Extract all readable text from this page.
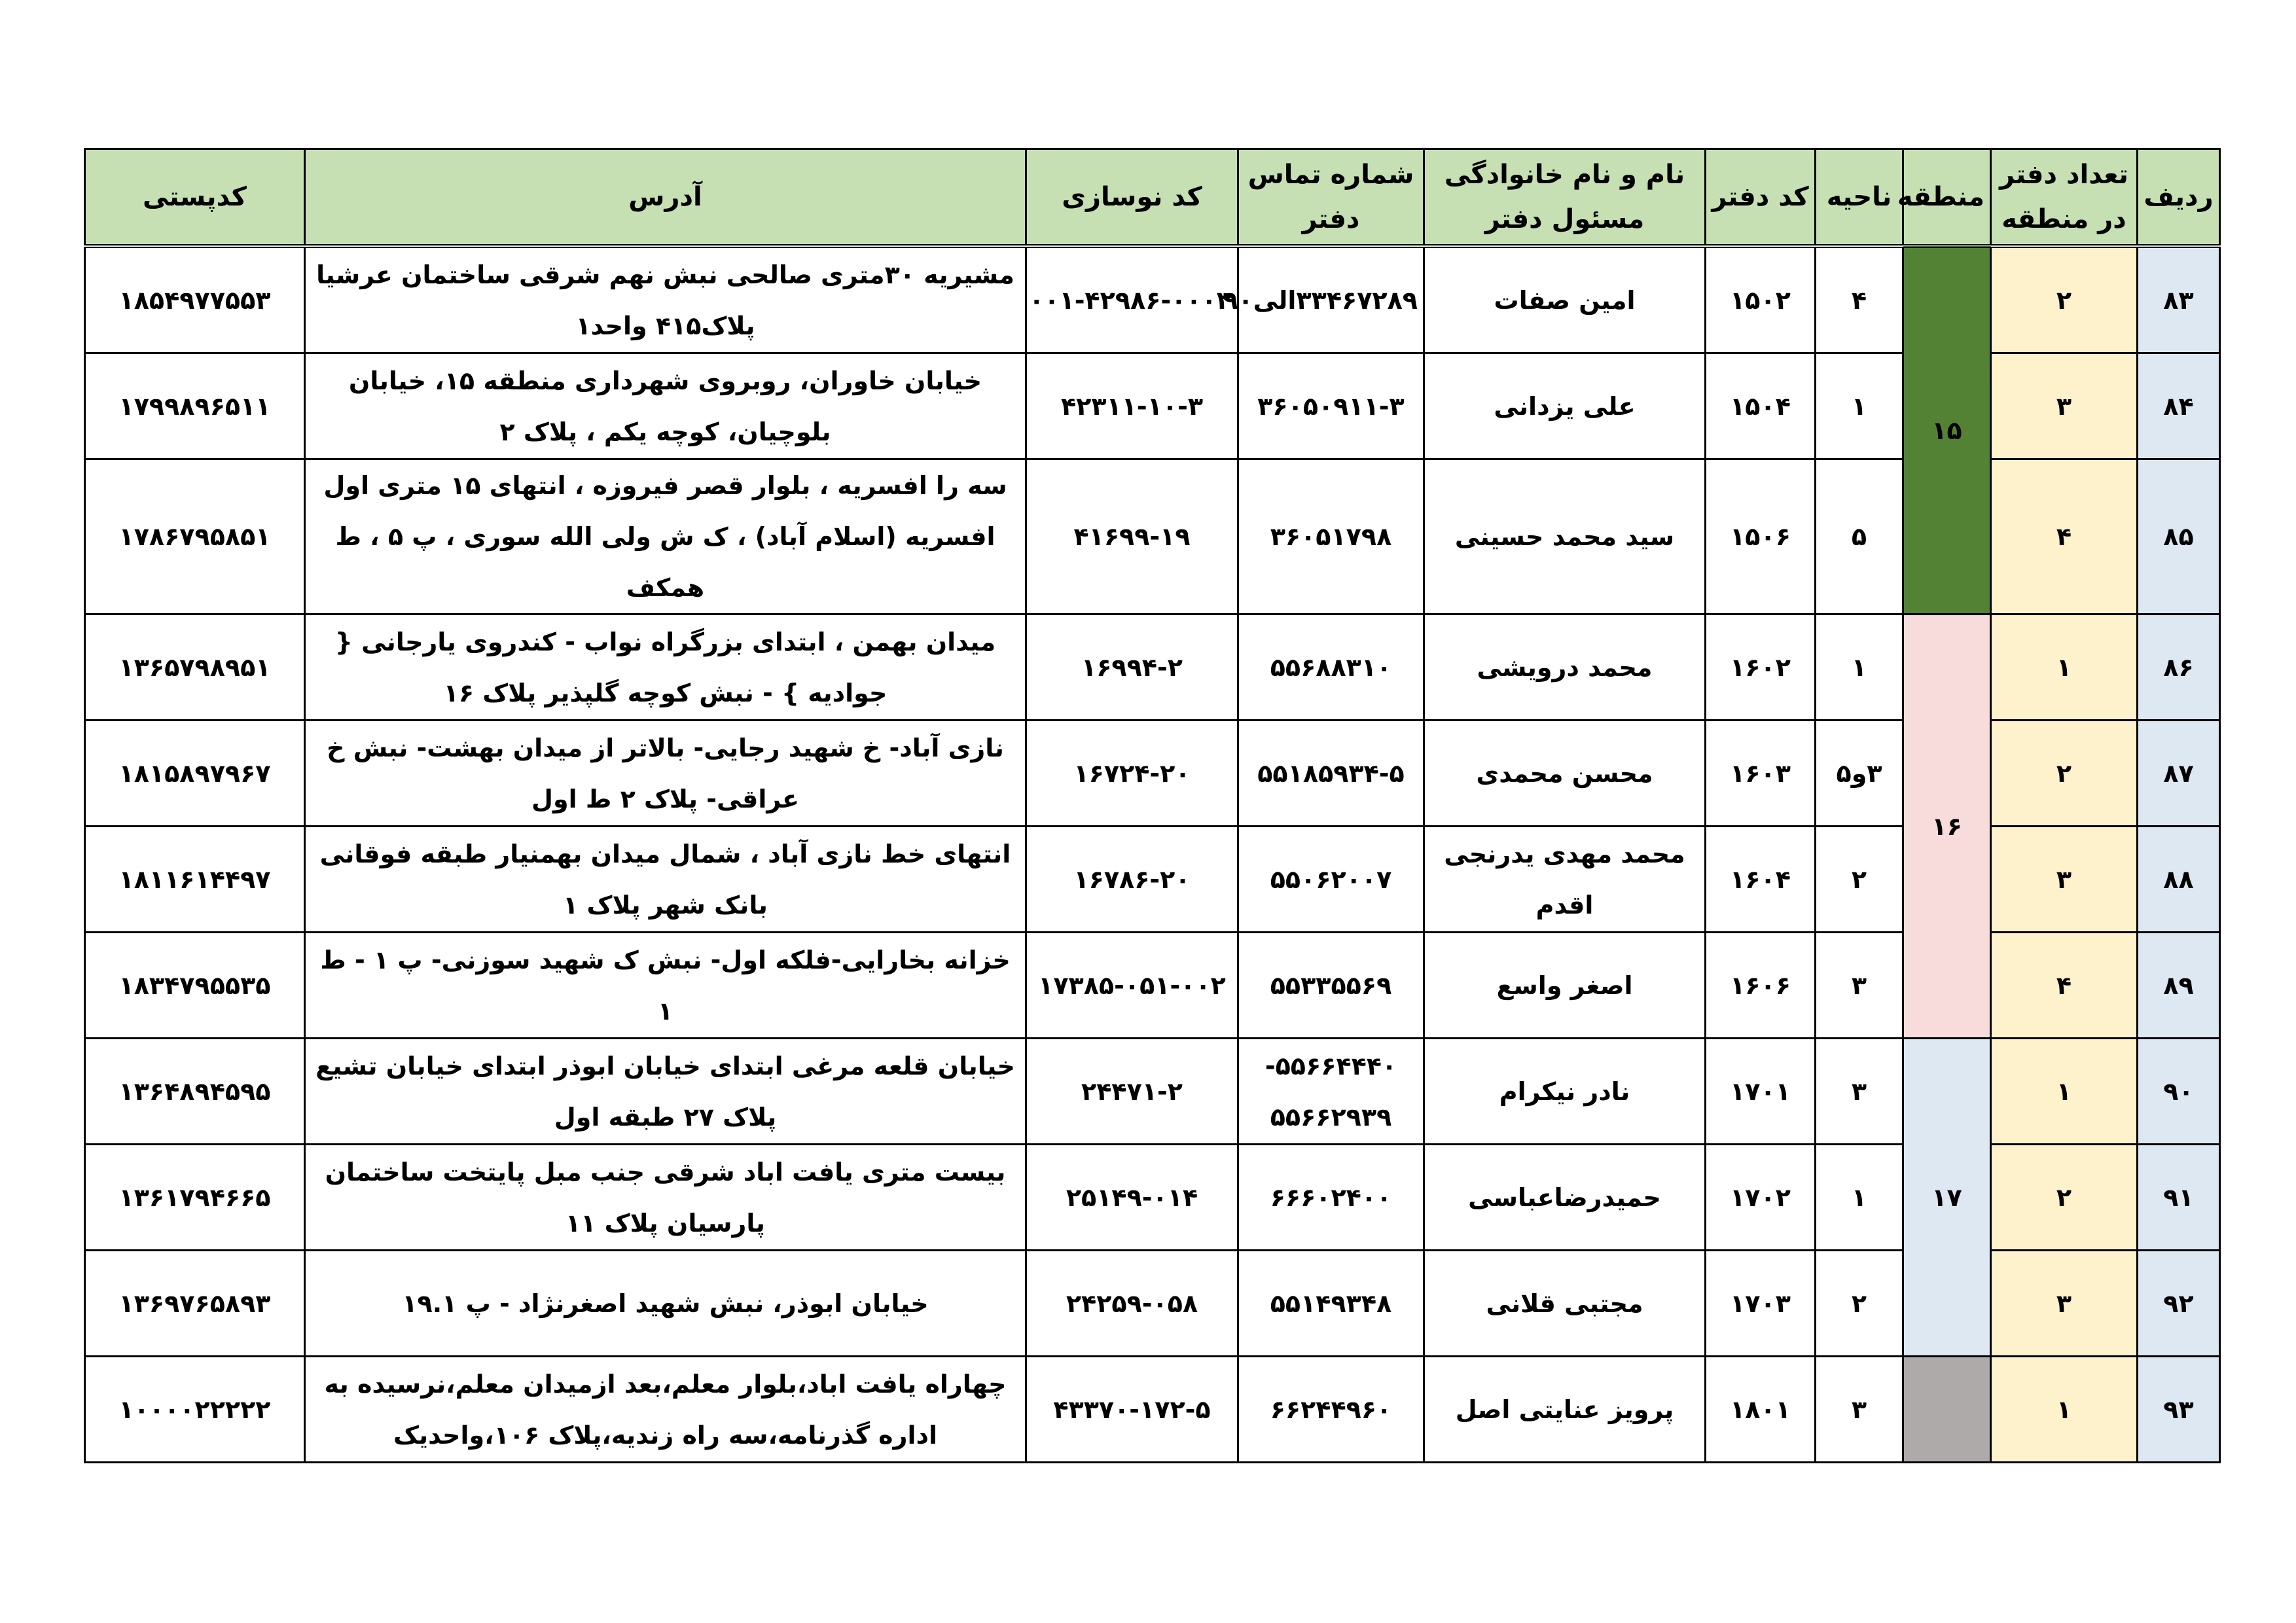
ردیف	تعداد دفتر در منطقه	منطقه	ناحیه	کد دفتر	نام و نام خانوادگی مسئول دفتر	شماره تماس دفتر	کد نوسازی	آدرس	کدپستی
۸۳	۲	۱۵	۴	۱۵۰۲	امین صفات	۳۳۴۶۷۲۸۹الی۹۰	۰۰۱-۴۲۹۸۶-۰۰۰۳	مشیریه ۳۰متری صالحی نبش نهم شرقی ساختمان عرشیا پلاک۴۱۵ واحد۱	۱۸۵۴۹۷۷۵۵۳
۸۴	۳		۱	۱۵۰۴	علی یزدانی	۳۶۰۵۰۹۱۱-۳	۴۲۳۱۱-۱۰-۳	خیابان خاوران، روبروی شهرداری منطقه ۱۵، خیابان بلوچیان، کوچه یکم ، پلاک ۲	۱۷۹۹۸۹۶۵۱۱
۸۵	۴		۵	۱۵۰۶	سید محمد حسینی	۳۶۰۵۱۷۹۸	۴۱۶۹۹-۱۹	سه را افسریه ، بلوار قصر فیروزه ، انتهای ۱۵ متری اول افسریه (اسلام آباد) ، ک ش ولی الله سوری ، پ ۵ ، ط همکف	۱۷۸۶۷۹۵۸۵۱
۸۶	۱	۱۶	۱	۱۶۰۲	محمد درویشی	۵۵۶۸۸۳۱۰	۱۶۹۹۴-۲	میدان بهمن ، ابتدای بزرگراه نواب - کندروی یارجانی { جوادیه } - نبش کوچه گلپذیر پلاک ۱۶	۱۳۶۵۷۹۸۹۵۱
۸۷	۲		۳و۵	۱۶۰۳	محسن محمدی	۵۵۱۸۵۹۳۴-۵	۱۶۷۲۴-۲۰	نازی آباد- خ شهید رجایی- بالاتر از میدان بهشت- نبش خ عراقی- پلاک ۲ ط اول	۱۸۱۵۸۹۷۹۶۷
۸۸	۳		۲	۱۶۰۴	محمد مهدی یدرنجی اقدم	۵۵۰۶۲۰۰۷	۱۶۷۸۶-۲۰	انتهای خط نازی آباد ، شمال میدان بهمنیار طبقه فوقانی بانک شهر پلاک ۱	۱۸۱۱۶۱۴۴۹۷
۸۹	۴		۳	۱۶۰۶	اصغر واسع	۵۵۳۳۵۵۶۹	۱۷۳۸۵-۰۵۱-۰۰۲	خزانه بخارایی-فلکه اول- نبش ک شهید سوزنی- پ ۱ - ط ۱	۱۸۳۴۷۹۵۵۳۵
۹۰	۱	۱۷	۳	۱۷۰۱	نادر نیکرام	۵۵۶۶۴۴۴۰- ۵۵۶۶۲۹۳۹	۲۴۴۷۱-۲	خیابان قلعه مرغی ابتدای خیابان ابوذر ابتدای خیابان تشیع پلاک ۲۷ طبقه اول	۱۳۶۴۸۹۴۵۹۵
۹۱	۲		۱	۱۷۰۲	حمیدرضاعباسی	۶۶۶۰۲۴۰۰	۲۵۱۴۹-۰۱۴	بیست متری یافت اباد شرقی جنب مبل پایتخت ساختمان پارسیان پلاک ۱۱	۱۳۶۱۷۹۴۶۶۵
۹۲	۳		۲	۱۷۰۳	مجتبی قلانی	۵۵۱۴۹۳۴۸	۲۴۲۵۹-۰۵۸	خیابان ابوذر، نبش شهید اصغرنژاد - پ ۱۹.۱	۱۳۶۹۷۶۵۸۹۳
۹۳	۱		۳	۱۸۰۱	پرویز عنایتی اصل	۶۶۲۴۴۹۶۰	۴۳۳۷۰-۱۷۲-۵	چهاراه یافت اباد،بلوار معلم،بعد ازمیدان معلم،نرسیده به اداره گذرنامه،سه راه زندیه،پلاک ۱۰۶،واحدیک	۱۰۰۰۰۲۲۲۲۲
